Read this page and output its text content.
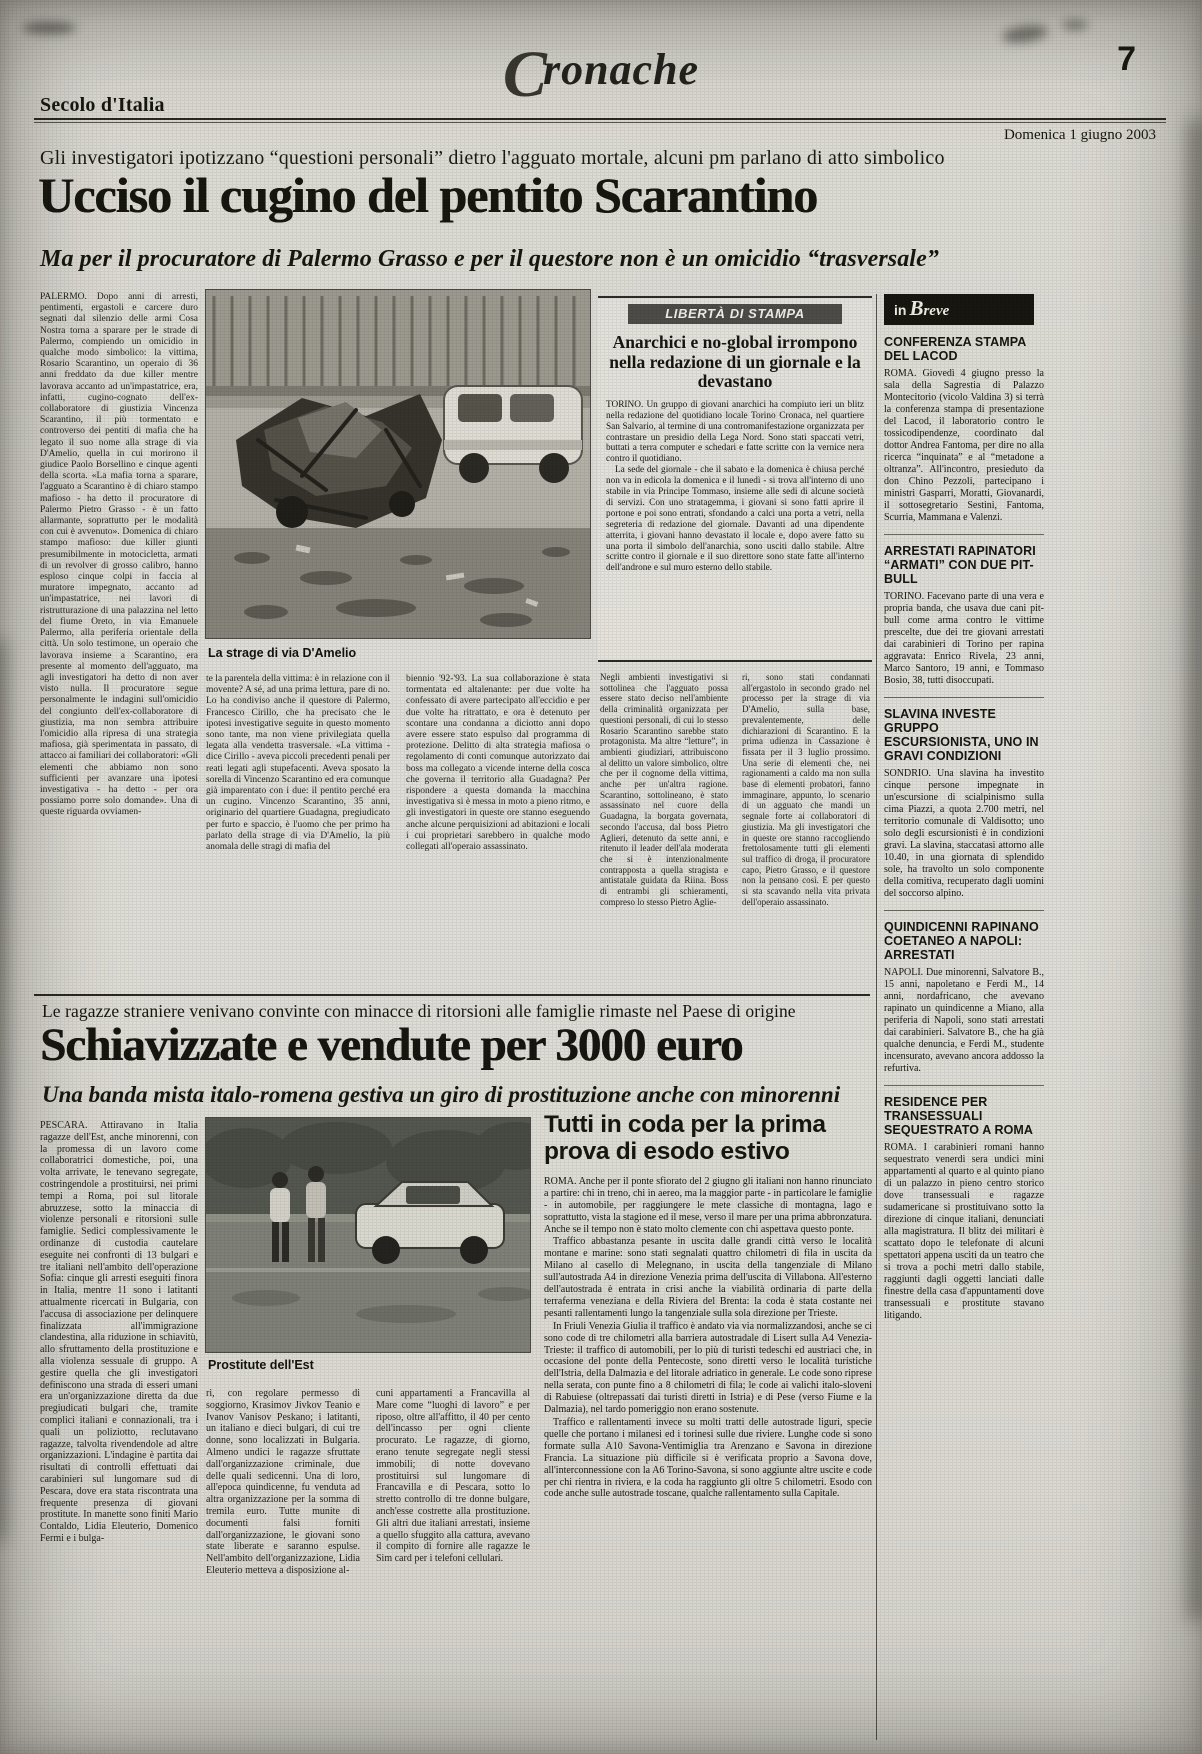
Cronache
Secolo d'Italia
7
Domenica 1 giugno 2003
Gli investigatori ipotizzano “questioni personali” dietro l'agguato mortale, alcuni pm parlano di atto simbolico
Ucciso il cugino del pentito Scarantino
Ma per il procuratore di Palermo Grasso e per il questore non è un omicidio “trasversale”
PALERMO. Dopo anni di arresti, pentimenti, ergastoli e carcere duro segnati dal silenzio delle armi Cosa Nostra torna a sparare per le strade di Palermo, compiendo un omicidio in qualche modo simbolico: la vittima, Rosario Scarantino, un operaio di 36 anni freddato da due killer mentre lavorava accanto ad un'impastatrice, era, infatti, cugino-cognato dell'ex-collaboratore di giustizia Vincenza Scarantino, il più tormentato e controverso dei pentiti di mafia che ha legato il suo nome alla strage di via D'Amelio, quella in cui morirono il giudice Paolo Borsellino e cinque agenti della scorta. «La mafia torna a sparare, l'agguato a Scarantino è di chiaro stampo mafioso - ha detto il procuratore di Palermo Pietro Grasso - è un fatto allarmante, soprattutto per le modalità con cui è avvenuto». Domenica di chiaro stampo mafioso: due killer giunti presumibilmente in motocicletta, armati di un revolver di grosso calibro, hanno esploso cinque colpi in faccia al muratore impegnato, accanto ad un'impastatrice, nei lavori di ristrutturazione di una palazzina nel letto del fiume Oreto, in via Emanuele Palermo, alla periferia orientale della città. Un solo testimone, un operaio che lavorava insieme a Scarantino, era presente al momento dell'agguato, ma agli investigatori ha detto di non aver visto nulla. Il procuratore segue personalmente le indagini sull'omicidio del congiunto dell'ex-collaboratore di giustizia, ma non sembra attribuire l'omicidio alla ripresa di una strategia mafiosa, già sperimentata in passato, di attacco ai familiari dei collaboratori: «Gli elementi che abbiamo non sono sufficienti per avanzare una ipotesi investigativa - ha detto - per ora possiamo porre solo domande». Una di queste riguarda ovviamen-
La strage di via D'Amelio
te la parentela della vittima: è in relazione con il movente? A sé, ad una prima lettura, pare di no. Lo ha condiviso anche il questore di Palermo, Francesco Cirillo, che ha precisato che le ipotesi investigative seguite in questo momento sono tante, ma non viene privilegiata quella legata alla vendetta trasversale. «La vittima - dice Cirillo - aveva piccoli precedenti penali per reati legati agli stupefacenti. Aveva sposato la sorella di Vincenzo Scarantino ed era comunque già imparentato con i due: il pentito perché era un cugino. Vincenzo Scarantino, 35 anni, originario del quartiere Guadagna, pregiudicato per furto e spaccio, è l'uomo che per primo ha parlato della strage di via D'Amelio, la più anomala delle stragi di mafia del
biennio '92-'93. La sua collaborazione è stata tormentata ed altalenante: per due volte ha confessato di avere partecipato all'eccidio e per due volte ha ritrattato, e ora è detenuto per scontare una condanna a diciotto anni dopo avere essere stato espulso dal programma di protezione. Delitto di alta strategia mafiosa o regolamento di conti comunque autorizzato dai boss ma collegato a vicende interne della cosca che governa il territorio alla Guadagna? Per rispondere a questa domanda la macchina investigativa si è messa in moto a pieno ritmo, e gli investigatori in queste ore stanno eseguendo anche alcune perquisizioni ad abitazioni e locali i cui proprietari sarebbero in qualche modo collegati all'operaio assassinato.
Negli ambienti investigativi si sottolinea che l'agguato possa essere stato deciso nell'ambiente della criminalità organizzata per questioni personali, di cui lo stesso Rosario Scarantino sarebbe stato protagonista. Ma altre “letture”, in ambienti giudiziari, attribuiscono al delitto un valore simbolico, oltre che per il cognome della vittima, anche per un'altra ragione. Scarantino, sottolineano, è stato assassinato nel cuore della Guadagna, la borgata governata, secondo l'accusa, dal boss Pietro Aglieri, detenuto da sette anni, e ritenuto il leader dell'ala moderata che si è intenzionalmente contrapposta a quella stragista e antistatale guidata da Riina. Boss di entrambi gli schieramenti, compreso lo stesso Pietro Aglie-
ri, sono stati condannati all'ergastolo in secondo grado nel processo per la strage di via D'Amelio, sulla base, prevalentemente, delle dichiarazioni di Scarantino. E la prima udienza in Cassazione è fissata per il 3 luglio prossimo. Una serie di elementi che, nei ragionamenti a caldo ma non sulla base di elementi probatori, fanno immaginare, appunto, lo scenario di un agguato che mandi un segnale forte ai collaboratori di giustizia. Ma gli investigatori che in queste ore stanno raccogliendo frettolosamente tutti gli elementi sul traffico di droga, il procuratore capo, Pietro Grasso, e il questore non la pensano così. E per questo si sta scavando nella vita privata dell'operaio assassinato.
LIBERTÀ DI STAMPA
Anarchici e no-global irrompono nella redazione di un giornale e la devastano

TORINO. Un gruppo di giovani anarchici ha compiuto ieri un blitz nella redazione del quotidiano locale Torino Cronaca, nel quartiere San Salvario, al termine di una contromanifestazione organizzata per contrastare un presidio della Lega Nord. Sono stati spaccati vetri, buttati a terra computer e schedari e fatte scritte con la vernice nera contro il quotidiano.

La sede del giornale - che il sabato e la domenica è chiusa perché non va in edicola la domenica e il lunedì - si trova all'interno di uno stabile in via Principe Tommaso, insieme alle sedi di alcune società di servizi. Con uno stratagemma, i giovani si sono fatti aprire il portone e poi sono entrati, sfondando a calci una porta a vetri, nella segreteria di redazione del giornale. Davanti ad una dipendente atterrita, i giovani hanno devastato il locale e, dopo avere fatto su una porta il simbolo dell'anarchia, sono usciti dallo stabile. Altre scritte contro il giornale e il suo direttore sono state fatte all'interno dell'androne e sul muro esterno dello stabile.

in Breve
CONFERENZA STAMPA DEL LACOD
ROMA. Giovedì 4 giugno presso la sala della Sagrestia di Palazzo Montecitorio (vicolo Valdina 3) si terrà la conferenza stampa di presentazione del Lacod, il laboratorio contro le tossicodipendenze, coordinato dal dottor Andrea Fantoma, per dire no alla ricerca “inquinata” e al “metadone a oltranza”. All'incontro, presieduto da don Chino Pezzoli, partecipano i ministri Gasparri, Moratti, Giovanardi, il sottosegretario Sestini, Fantoma, Scurria, Mammana e Valenzi.
ARRESTATI RAPINATORI “ARMATI” CON DUE PIT-BULL
TORINO. Facevano parte di una vera e propria banda, che usava due cani pit-bull come arma contro le vittime prescelte, due dei tre giovani arrestati dai carabinieri di Torino per rapina aggravata: Enrico Rivela, 23 anni, Marco Santoro, 19 anni, e Tommaso Bosio, 38, tutti disoccupati.
SLAVINA INVESTE GRUPPO ESCURSIONISTA, UNO IN GRAVI CONDIZIONI
SONDRIO. Una slavina ha investito cinque persone impegnate in un'escursione di scialpinismo sulla cima Piazzi, a quota 2.700 metri, nel territorio comunale di Valdisotto; uno solo degli escursionisti è in condizioni gravi. La slavina, staccatasi attorno alle 10.40, in una giornata di splendido sole, ha travolto un solo componente della comitiva, recuperato dagli uomini del soccorso alpino.
QUINDICENNI RAPINANO COETANEO A NAPOLI: ARRESTATI
NAPOLI. Due minorenni, Salvatore B., 15 anni, napoletano e Ferdi M., 14 anni, nordafricano, che avevano rapinato un quindicenne a Miano, alla periferia di Napoli, sono stati arrestati dai carabinieri. Salvatore B., che ha già qualche denuncia, e Ferdi M., studente incensurato, avevano ancora addosso la refurtiva.
RESIDENCE PER TRANSESSUALI SEQUESTRATO A ROMA
ROMA. I carabinieri romani hanno sequestrato venerdì sera undici mini appartamenti al quarto e al quinto piano di un palazzo in pieno centro storico dove transessuali e ragazze sudamericane si prostituivano sotto la direzione di cinque italiani, denunciati alla magistratura. Il blitz dei militari è scattato dopo le telefonate di alcuni spettatori appena usciti da un teatro che si trova a pochi metri dallo stabile, raggiunti dagli oggetti lanciati dalle finestre della casa d'appuntamenti dove transessuali e prostitute stavano litigando.
Le ragazze straniere venivano convinte con minacce di ritorsioni alle famiglie rimaste nel Paese di origine
Schiavizzate e vendute per 3000 euro
Una banda mista italo-romena gestiva un giro di prostituzione anche con minorenni
PESCARA. Attiravano in Italia ragazze dell'Est, anche minorenni, con la promessa di un lavoro come collaboratrici domestiche, poi, una volta arrivate, le tenevano segregate, costringendole a prostituirsi, nei primi tempi a Roma, poi sul litorale abruzzese, sotto la minaccia di violenze personali e ritorsioni sulle famiglie. Sedici complessivamente le ordinanze di custodia cautelare eseguite nei confronti di 13 bulgari e tre italiani nell'ambito dell'operazione Sofia: cinque gli arresti eseguiti finora in Italia, mentre 11 sono i latitanti attualmente ricercati in Bulgaria, con l'accusa di associazione per delinquere finalizzata all'immigrazione clandestina, alla riduzione in schiavitù, allo sfruttamento della prostituzione e alla violenza sessuale di gruppo. A gestire quella che gli investigatori definiscono una strada di esseri umani era un'organizzazione diretta da due pregiudicati bulgari che, tramite complici italiani e connazionali, tra i quali un poliziotto, reclutavano ragazze, talvolta rivendendole ad altre organizzazioni. L'indagine è partita dai risultati di controlli effettuati dai carabinieri sul lungomare sud di Pescara, dove era stata riscontrata una frequente presenza di giovani prostitute. In manette sono finiti Mario Contaldo, Lidia Eleuterio, Domenico Fermi e i bulga-
Prostitute dell'Est
ri, con regolare permesso di soggiorno, Krasimov Jivkov Teanio e Ivanov Vanisov Peskano; i latitanti, un italiano e dieci bulgari, di cui tre donne, sono localizzati in Bulgaria. Almeno undici le ragazze sfruttate dall'organizzazione criminale, due delle quali sedicenni. Una di loro, all'epoca quindicenne, fu venduta ad altra organizzazione per la somma di tremila euro. Tutte munite di documenti falsi forniti dall'organizzazione, le giovani sono state liberate e saranno espulse. Nell'ambito dell'organizzazione, Lidia Eleuterio metteva a disposizione al-
cuni appartamenti a Francavilla al Mare come “luoghi di lavoro” e per riposo, oltre all'affitto, il 40 per cento dell'incasso per ogni cliente procurato. Le ragazze, di giorno, erano tenute segregate negli stessi immobili; di notte dovevano prostituirsi sul lungomare di Francavilla e di Pescara, sotto lo stretto controllo di tre donne bulgare, anch'esse costrette alla prostituzione. Gli altri due italiani arrestati, insieme a quello sfuggito alla cattura, avevano il compito di fornire alle ragazze le Sim card per i telefoni cellulari.
Tutti in coda per la prima prova di esodo estivo

ROMA. Anche per il ponte sfiorato del 2 giugno gli italiani non hanno rinunciato a partire: chi in treno, chi in aereo, ma la maggior parte - in particolare le famiglie - in automobile, per raggiungere le mete classiche di montagna, lago e soprattutto, vista la stagione ed il mese, verso il mare per una prima abbronzatura. Anche se il tempo non è stato molto clemente con chi aspettava questo ponte.

Traffico abbastanza pesante in uscita dalle grandi città verso le località montane e marine: sono stati segnalati quattro chilometri di fila in uscita da Milano al casello di Melegnano, in uscita della tangenziale di Milano sull'autostrada A4 in direzione Venezia prima dell'uscita di Villabona. All'esterno dell'autostrada è entrata in crisi anche la viabilità ordinaria di parte della terraferma veneziana e della Riviera del Brenta: la coda è stata costante nei pesanti rallentamenti lungo la tangenziale sulla sola direzione per Trieste.

In Friuli Venezia Giulia il traffico è andato via via normalizzandosi, anche se ci sono code di tre chilometri alla barriera autostradale di Lisert sulla A4 Venezia-Trieste: il traffico di automobili, per lo più di turisti tedeschi ed austriaci che, in occasione del ponte della Pentecoste, sono diretti verso le località turistiche dell'Istria, della Dalmazia e del litorale adriatico in generale. Le code sono riprese nella serata, con punte fino a 8 chilometri di fila; le code ai valichi italo-sloveni di Rabuiese (oltrepassati dai turisti diretti in Istria) e di Pese (verso Fiume e la Dalmazia), nel tardo pomeriggio non erano sostenute.

Traffico e rallentamenti invece su molti tratti delle autostrade liguri, specie quelle che portano i milanesi ed i torinesi sulle due riviere. Lunghe code si sono formate sulla A10 Savona-Ventimiglia tra Arenzano e Savona in direzione Francia. La situazione più difficile si è verificata proprio a Savona dove, all'interconnessione con la A6 Torino-Savona, si sono aggiunte altre uscite e code per chi rientra in riviera, e la coda ha raggiunto gli oltre 5 chilometri. Esodo con code anche sulle autostrade toscane, qualche rallentamento sulla Capitale.
